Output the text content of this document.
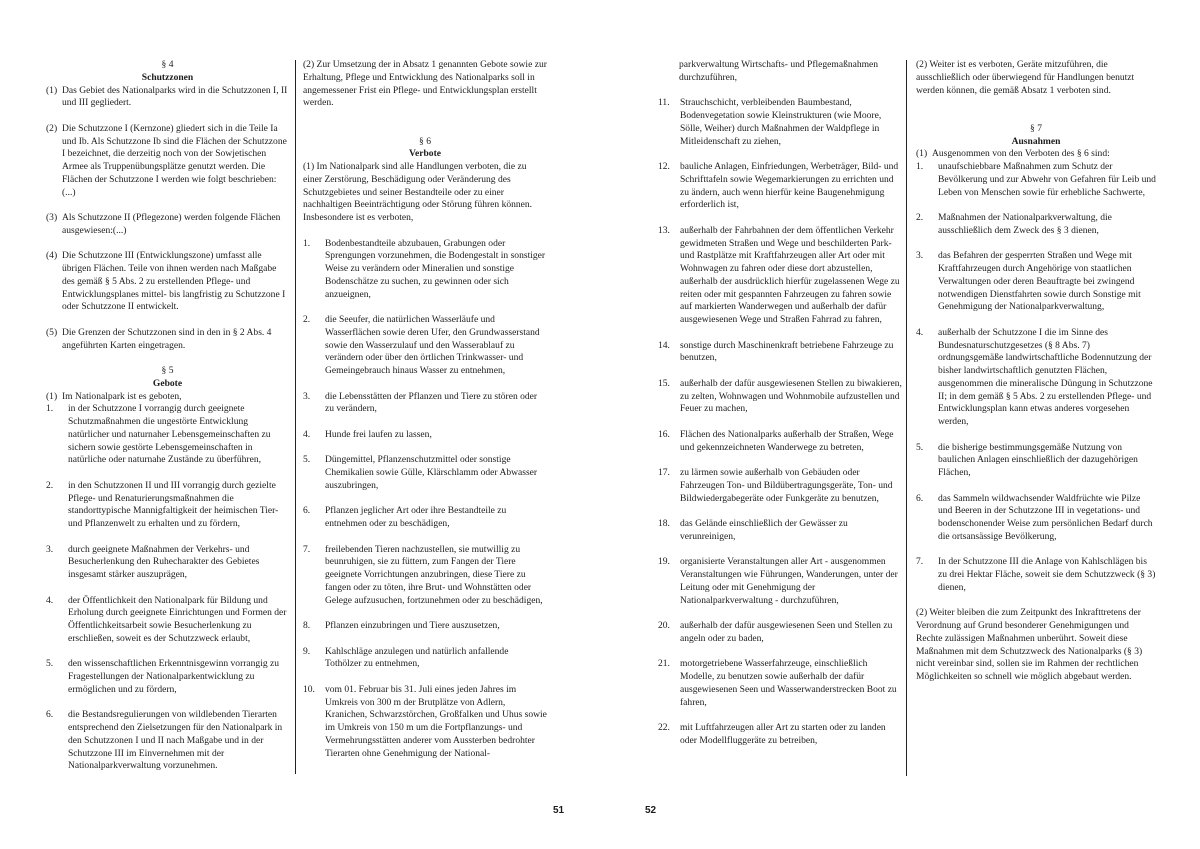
§ 4
Schutzzonen
(1) Das Gebiet des Nationalparks wird in die Schutzzonen I, II und III gegliedert.
(2) Die Schutzzone I (Kernzone) gliedert sich in die Teile Ia und Ib. Als Schutzzone Ib sind die Flächen der Schutzzone I bezeichnet, die derzeitig noch von der Sowjetischen Armee als Truppenübungsplätze genutzt werden. Die Flächen der Schutzzone I werden wie folgt beschrieben:(...)
(3) Als Schutzzone II (Pflegezone) werden folgende Flächen ausgewiesen:(...)
(4) Die Schutzzone III (Entwicklungszone) umfasst alle übrigen Flächen. Teile von ihnen werden nach Maßgabe des gemäß § 5 Abs. 2 zu erstellenden Pflege- und Entwicklungsplanes mittel- bis langfristig zu Schutzzone I oder Schutzzone II entwickelt.
(5) Die Grenzen der Schutzzonen sind in den in § 2 Abs. 4 angeführten Karten eingetragen.
§ 5
Gebote
(1) Im Nationalpark ist es geboten,
1.	in der Schutzzone I vorrangig durch geeignete Schutzmaßnahmen die ungestörte Entwicklung natürlicher und naturnaher Lebensgemeinschaften zu sichern sowie gestörte Lebensgemeinschaften in natürliche oder naturnahe Zustände zu überführen,
2.	in den Schutzzonen II und III vorrangig durch gezielte Pflege- und Renaturierungsmaßnahmen die standorttypische Mannigfaltigkeit der heimischen Tier- und Pflanzenwelt zu erhalten und zu fördern,
3.	durch geeignete Maßnahmen der Verkehrs- und Besucherlenkung den Ruhecharakter des Gebietes insgesamt stärker auszuprägen,
4.	der Öffentlichkeit den Nationalpark für Bildung und Erholung durch geeignete Einrichtungen und Formen der Öffentlichkeitsarbeit sowie Besucherlenkung zu erschließen, soweit es der Schutzzweck erlaubt,
5.	den wissenschaftlichen Erkenntnisgewinn vorrangig zu Fragestellungen der Nationalparkentwicklung zu ermöglichen und zu fördern,
6.	die Bestandsregulierungen von wildlebenden Tierarten entsprechend den Zielsetzungen für den Nationalpark in den Schutzzonen I und II nach Maßgabe und in der Schutzzone III im Einvernehmen mit der Nationalparkverwaltung vorzunehmen.
(2) Zur Umsetzung der in Absatz 1 genannten Gebote sowie zur Erhaltung, Pflege und Entwicklung des Nationalparks soll in angemessener Frist ein Pflege- und Entwicklungsplan erstellt werden.
§ 6
Verbote
(1) Im Nationalpark sind alle Handlungen verboten, die zu einer Zerstörung, Beschädigung oder Veränderung des Schutzgebietes und seiner Bestandteile oder zu einer nachhaltigen Beeinträchtigung oder Störung führen können. Insbesondere ist es verboten,
1.	Bodenbestandteile abzubauen, Grabungen oder Sprengungen vorzunehmen, die Bodengestalt in sonstiger Weise zu verändern oder Mineralien und sonstige Bodenschätze zu suchen, zu gewinnen oder sich anzueignen,
2.	die Seeufer, die natürlichen Wasserläufe und Wasserflächen sowie deren Ufer, den Grundwasserstand sowie den Wasserzulauf und den Wasserablauf zu verändern oder über den örtlichen Trinkwasser- und Gemeingebrauch hinaus Wasser zu entnehmen,
3.	die Lebensstätten der Pflanzen und Tiere zu stören oder zu verändern,
4.	Hunde frei laufen zu lassen,
5.	Düngemittel, Pflanzenschutzmittel oder sonstige Chemikalien sowie Gülle, Klärschlamm oder Abwasser auszubringen,
6.	Pflanzen jeglicher Art oder ihre Bestandteile zu entnehmen oder zu beschädigen,
7.	freilebenden Tieren nachzustellen, sie mutwillig zu beunruhigen, sie zu füttern, zum Fangen der Tiere geeignete Vorrichtungen anzubringen, diese Tiere zu fangen oder zu töten, ihre Brut- und Wohnstätten oder Gelege aufzusuchen, fortzunehmen oder zu beschädigen,
8.	Pflanzen einzubringen und Tiere auszusetzen,
9.	Kahlschläge anzulegen und natürlich anfallende Tothölzer zu entnehmen,
10.	vom 01. Februar bis 31. Juli eines jeden Jahres im Umkreis von 300 m der Brutplätze von Adlern, Kranichen, Schwarzstörchen, Großfalken und Uhus sowie im Umkreis von 150 m um die Fortpflanzungs- und Vermehrungsstätten anderer vom Aussterben bedrohter Tierarten ohne Genehmigung der National-
51
parkverwaltung Wirtschafts- und Pflegemaßnahmen durchzuführen,
11.	Strauchschicht, verbleibenden Baumbestand, Bodenvegetation sowie Kleinstrukturen (wie Moore, Sölle, Weiher) durch Maßnahmen der Waldpflege in Mitleidenschaft zu ziehen,
12.	bauliche Anlagen, Einfriedungen, Werbeträger, Bild- und Schrifttafeln sowie Wegemarkierungen zu errichten und zu ändern, auch wenn hierfür keine Baugenehmigung erforderlich ist,
13.	außerhalb der Fahrbahnen der dem öffentlichen Verkehr gewidmeten Straßen und Wege und beschilderten Park- und Rastplätze mit Kraftfahrzeugen aller Art oder mit Wohnwagen zu fahren oder diese dort abzustellen, außerhalb der ausdrücklich hierfür zugelassenen Wege zu reiten oder mit gespannten Fahrzeugen zu fahren sowie auf markierten Wanderwegen und außerhalb der dafür ausgewiesenen Wege und Straßen Fahrrad zu fahren,
14.	sonstige durch Maschinenkraft betriebene Fahrzeuge zu benutzen,
15.	außerhalb der dafür ausgewiesenen Stellen zu biwakieren, zu zelten, Wohnwagen und Wohnmobile aufzustellen und Feuer zu machen,
16.	Flächen des Nationalparks außerhalb der Straßen, Wege und gekennzeichneten Wanderwege zu betreten,
17.	zu lärmen sowie außerhalb von Gebäuden oder Fahrzeugen Ton- und Bildübertragungsgeräte, Ton- und Bildwiedergabegeräte oder Funkgeräte zu benutzen,
18.	das Gelände einschließlich der Gewässer zu verunreinigen,
19.	organisierte Veranstaltungen aller Art - ausgenommen Veranstaltungen wie Führungen, Wanderungen, unter der Leitung oder mit Genehmigung der Nationalparkverwaltung - durchzuführen,
20.	außerhalb der dafür ausgewiesenen Seen und Stellen zu angeln oder zu baden,
21.	motorgetriebene Wasserfahrzeuge, einschließlich Modelle, zu benutzen sowie außerhalb der dafür ausgewiesenen Seen und Wasserwanderstrecken Boot zu fahren,
22.	mit Luftfahrzeugen aller Art zu starten oder zu landen oder Modellfluggeräte zu betreiben,
(2) Weiter ist es verboten, Geräte mitzuführen, die ausschließlich oder überwiegend für Handlungen benutzt werden können, die gemäß Absatz 1 verboten sind.
§ 7
Ausnahmen
(1) Ausgenommen von den Verboten des § 6 sind:
1.	unaufschiebbare Maßnahmen zum Schutz der Bevölkerung und zur Abwehr von Gefahren für Leib und Leben von Menschen sowie für erhebliche Sachwerte,
2.	Maßnahmen der Nationalparkverwaltung, die ausschließlich dem Zweck des § 3 dienen,
3.	das Befahren der gesperrten Straßen und Wege mit Kraftfahrzeugen durch Angehörige von staatlichen Verwaltungen oder deren Beauftragte bei zwingend notwendigen Dienstfahrten sowie durch Sonstige mit Genehmigung der Nationalparkverwaltung,
4.	außerhalb der Schutzzone I die im Sinne des Bundesnaturschutzgesetzes (§ 8 Abs. 7) ordnungsgemäße landwirtschaftliche Bodennutzung der bisher landwirtschaftlich genutzten Flächen, ausgenommen die mineralische Düngung in Schutzzone II; in dem gemäß § 5 Abs. 2 zu erstellenden Pflege- und Entwicklungsplan kann etwas anderes vorgesehen werden,
5.	die bisherige bestimmungsgemäße Nutzung von baulichen Anlagen einschließlich der dazugehörigen Flächen,
6.	das Sammeln wildwachsender Waldfrüchte wie Pilze und Beeren in der Schutzzone III in vegetations- und bodenschonender Weise zum persönlichen Bedarf durch die ortsansässige Bevölkerung,
7.	In der Schutzzone III die Anlage von Kahlschlägen bis zu drei Hektar Fläche, soweit sie dem Schutzzweck (§ 3) dienen,
(2) Weiter bleiben die zum Zeitpunkt des Inkrafttretens der Verordnung auf Grund besonderer Genehmigungen und Rechte zulässigen Maßnahmen unberührt. Soweit diese Maßnahmen mit dem Schutzzweck des Nationalparks (§ 3) nicht vereinbar sind, sollen sie im Rahmen der rechtlichen Möglichkeiten so schnell wie möglich abgebaut werden.
52
